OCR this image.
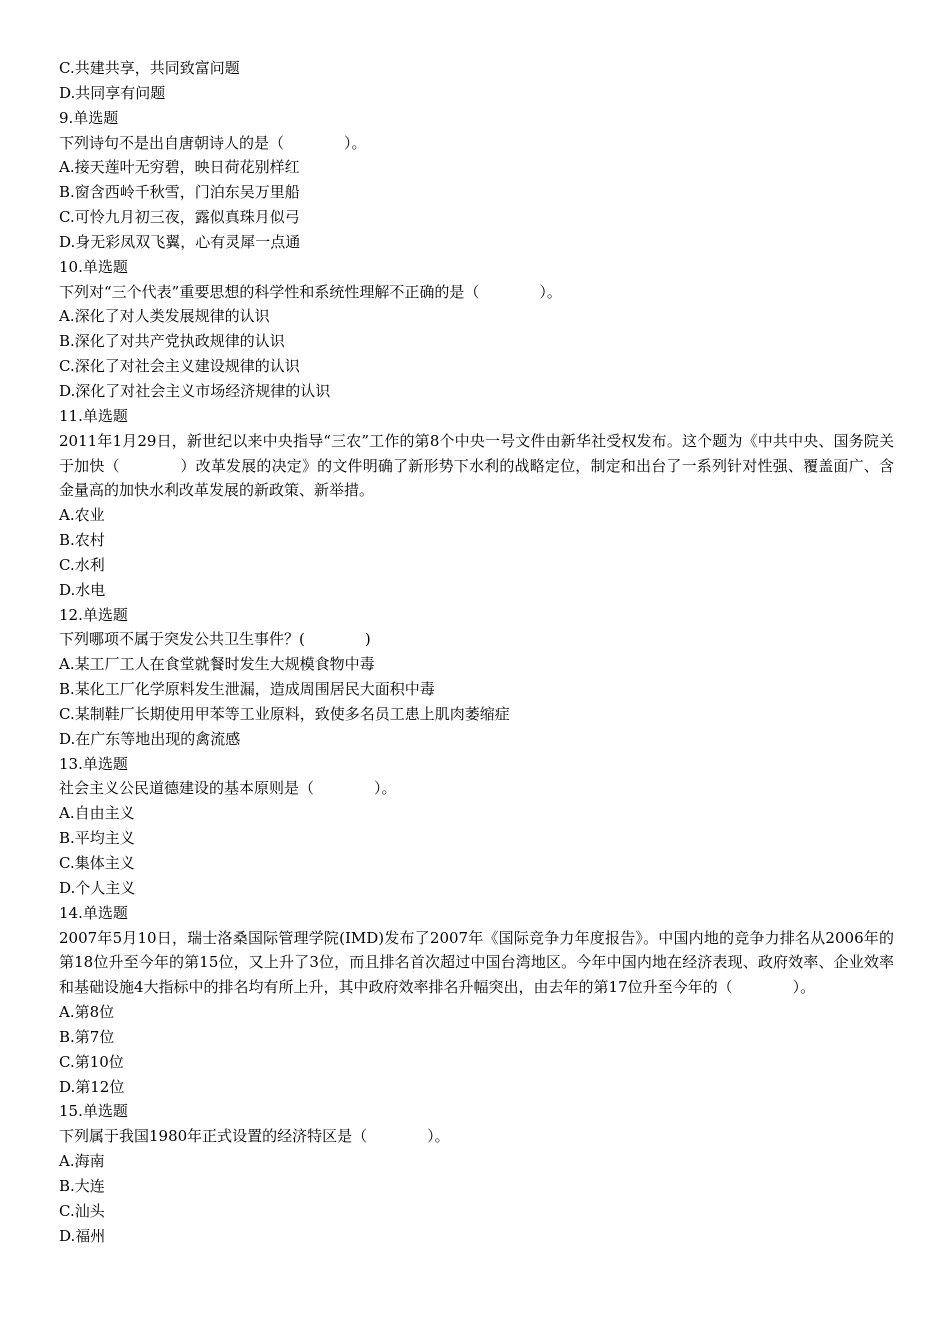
C.共建共享，共同致富问题
D.共同享有问题
9.单选题
下列诗句不是出自唐朝诗人的是（　　　　）。
A.接天莲叶无穷碧，映日荷花别样红
B.窗含西岭千秋雪，门泊东吴万里船
C.可怜九月初三夜，露似真珠月似弓
D.身无彩凤双飞翼，心有灵犀一点通
10.单选题
下列对“三个代表”重要思想的科学性和系统性理解不正确的是（　　　　）。
A.深化了对人类发展规律的认识
B.深化了对共产党执政规律的认识
C.深化了对社会主义建设规律的认识
D.深化了对社会主义市场经济规律的认识
11.单选题
2011年1月29日，新世纪以来中央指导“三农”工作的第8个中央一号文件由新华社受权发布。这个题为《中共中央、国务院关于加快（　　　　）改革发展的决定》的文件明确了新形势下水利的战略定位，制定和出台了一系列针对性强、覆盖面广、含金量高的加快水利改革发展的新政策、新举措。
A.农业
B.农村
C.水利
D.水电
12.单选题
下列哪项不属于突发公共卫生事件？(　　　　)
A.某工厂工人在食堂就餐时发生大规模食物中毒
B.某化工厂化学原料发生泄漏，造成周围居民大面积中毒
C.某制鞋厂长期使用甲苯等工业原料，致使多名员工患上肌肉萎缩症
D.在广东等地出现的禽流感
13.单选题
社会主义公民道德建设的基本原则是（　　　　）。
A.自由主义
B.平均主义
C.集体主义
D.个人主义
14.单选题
2007年5月10日，瑞士洛桑国际管理学院(IMD)发布了2007年《国际竞争力年度报告》。中国内地的竞争力排名从2006年的第18位升至今年的第15位，又上升了3位，而且排名首次超过中国台湾地区。今年中国内地在经济表现、政府效率、企业效率和基础设施4大指标中的排名均有所上升，其中政府效率排名升幅突出，由去年的第17位升至今年的（　　　　）。
A.第8位
B.第7位
C.第10位
D.第12位
15.单选题
下列属于我国1980年正式设置的经济特区是（　　　　）。
A.海南
B.大连
C.汕头
D.福州
